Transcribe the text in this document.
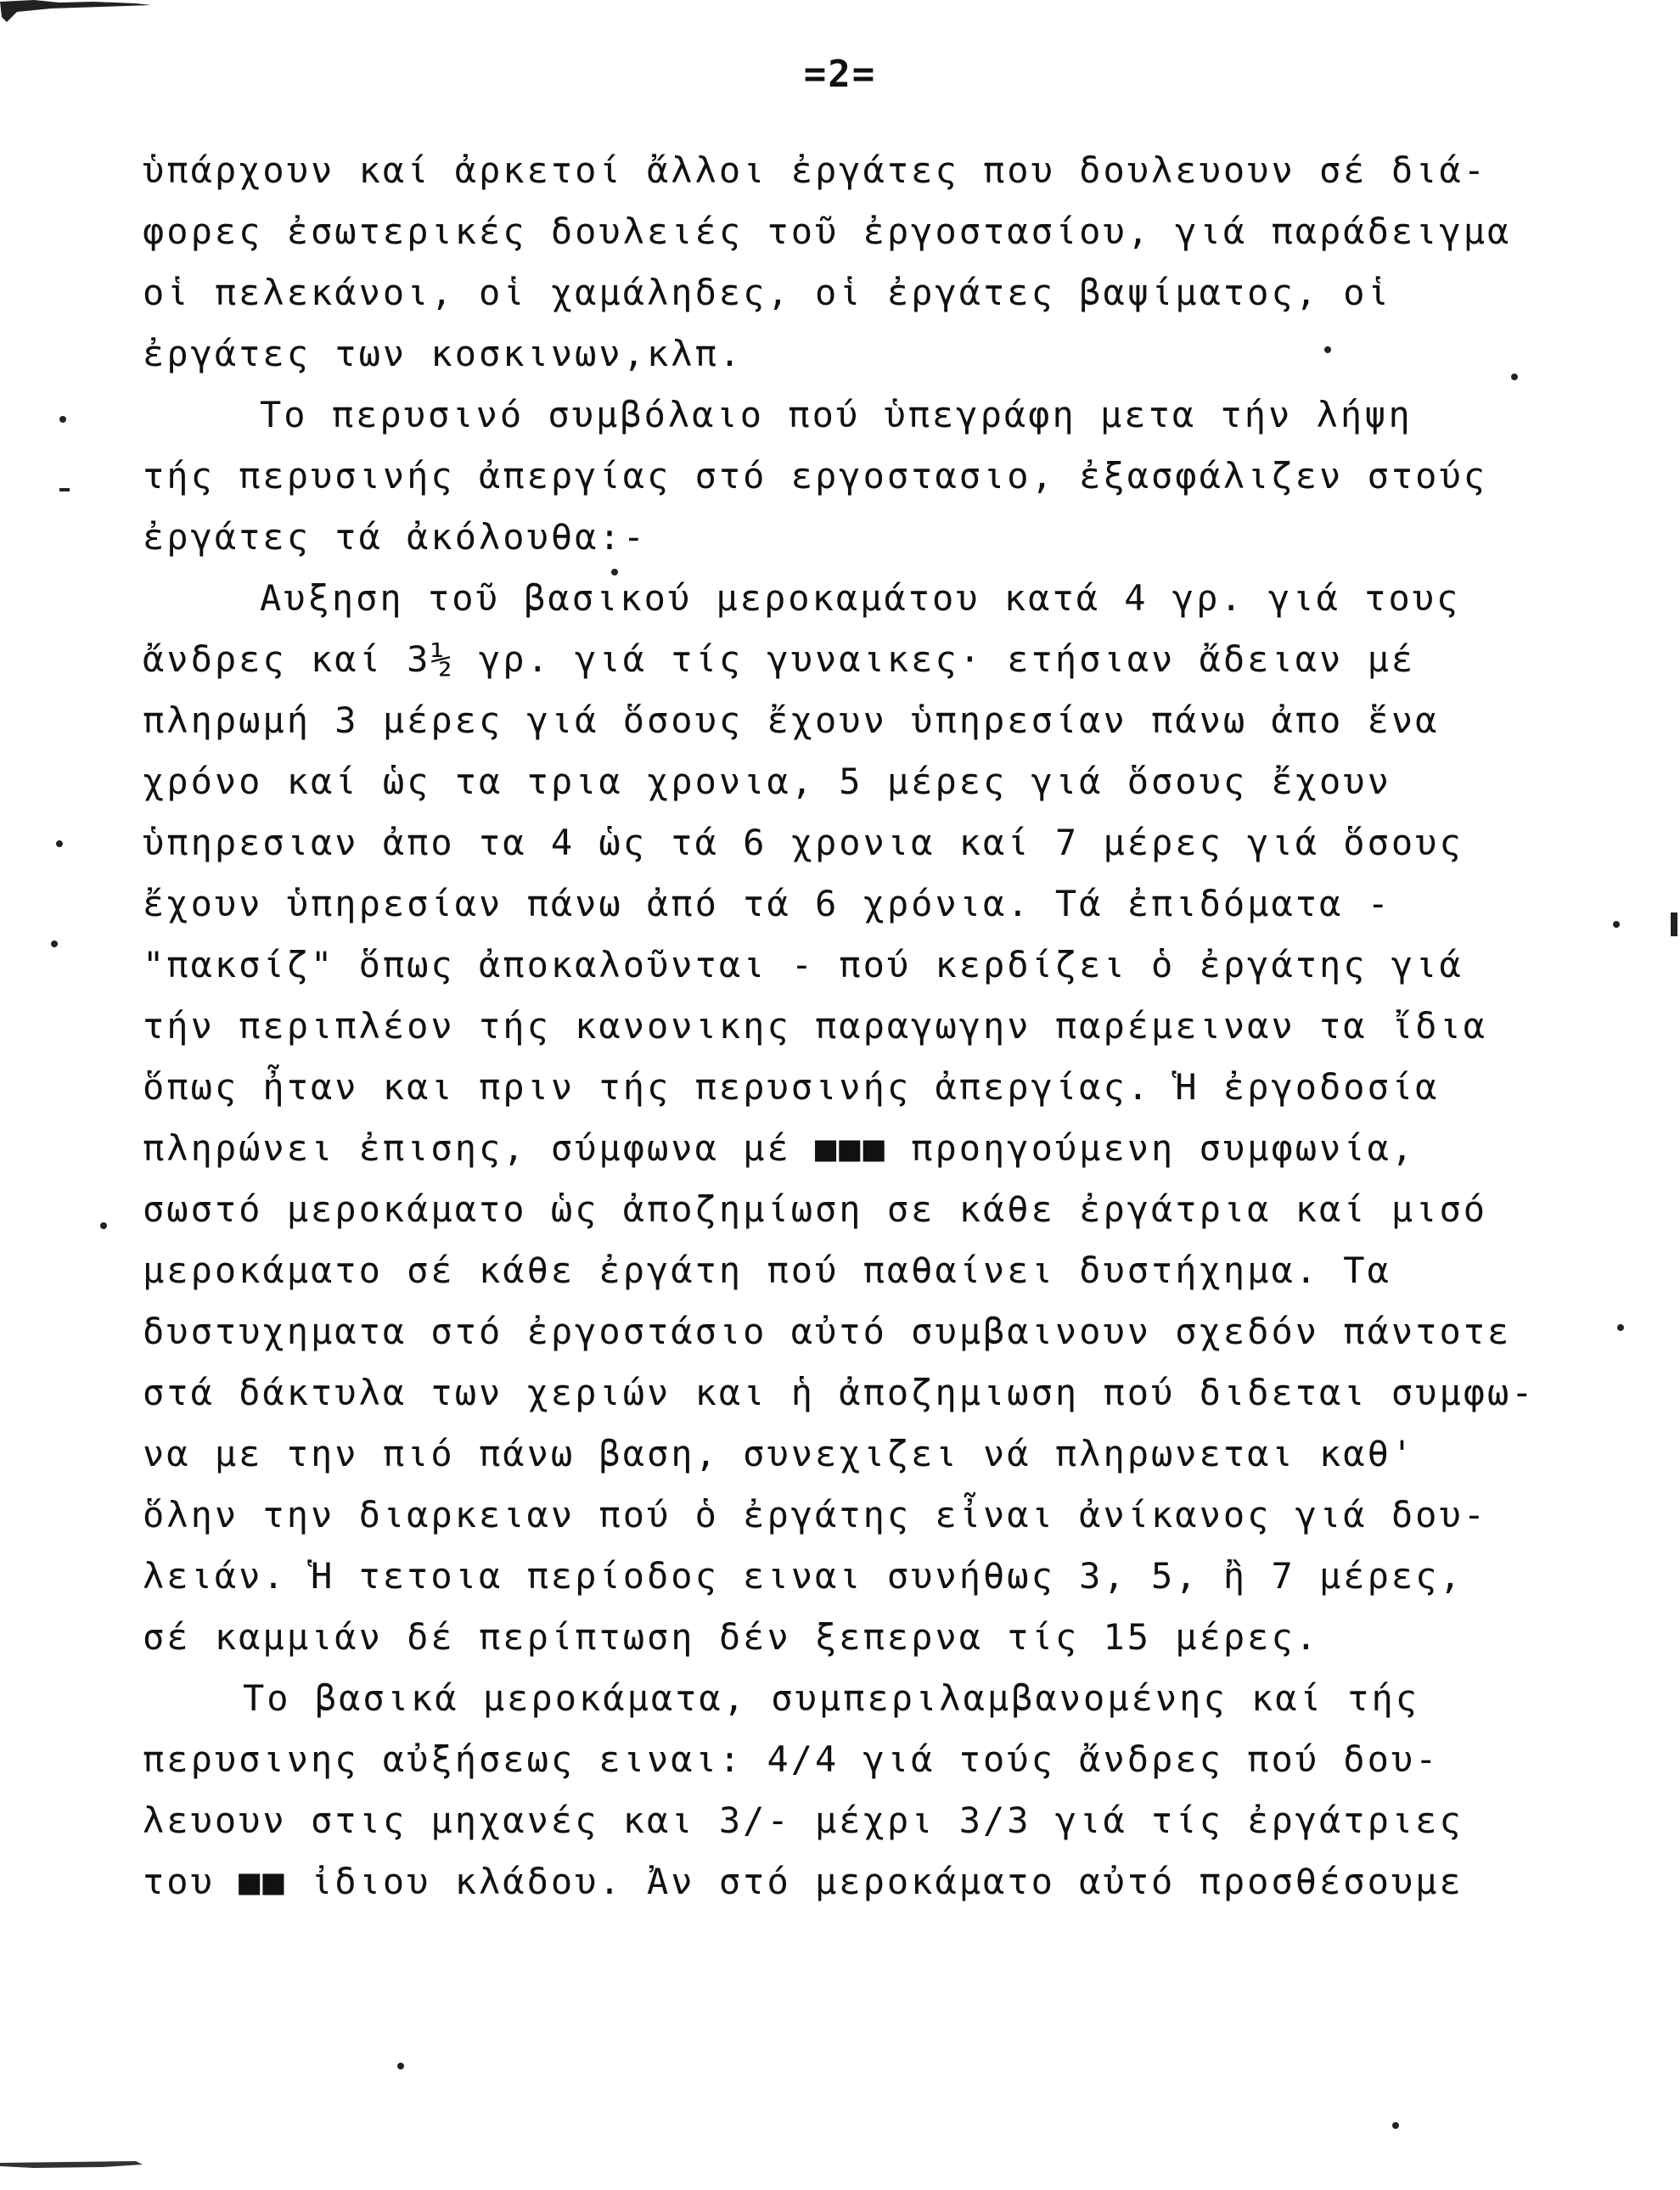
=2=
ὑπάρχουν καί ἀρκετοί ἄλλοι ἐργάτες που δουλευουν σέ διά-
φορες ἐσωτερικές δουλειές τοῦ ἐργοστασίου, γιά παράδειγμα
οἱ πελεκάνοι, οἱ χαμάληδες, οἱ ἐργάτες βαψίματος, οἱ
ἐργάτες των κοσκινων,κλπ.
Το περυσινό συμβόλαιο πού ὑπεγράφη μετα τήν λήψη
τής περυσινής ἀπεργίας στό εργοστασιο, ἐξασφάλιζεν στούς
ἐργάτες τά ἀκόλουθα:-
Αυξηση τοῦ βασικού μεροκαμάτου κατά 4 γρ. γιά τους
ἄνδρες καί 3½ γρ. γιά τίς γυναικες· ετήσιαν ἄδειαν μέ
πληρωμή 3 μέρες γιά ὅσους ἔχουν ὑπηρεσίαν πάνω ἀπο ἕνα
χρόνο καί ὡς τα τρια χρονια, 5 μέρες γιά ὅσους ἔχουν
ὑπηρεσιαν ἀπο τα 4 ὡς τά 6 χρονια καί 7 μέρες γιά ὅσους
ἔχουν ὑπηρεσίαν πάνω ἀπό τά 6 χρόνια. Τά ἐπιδόματα -
"πακσίζ" ὅπως ἀποκαλοῦνται - πού κερδίζει ὁ ἐργάτης γιά
τήν περιπλέον τής κανονικης παραγωγην παρέμειναν τα ἴδια
ὅπως ἦταν και πριν τής περυσινής ἀπεργίας. Ἡ ἐργοδοσία
πληρώνει ἐπισης, σύμφωνα μέ ■■■ προηγούμενη συμφωνία,
σωστό μεροκάματο ὡς ἀποζημίωση σε κάθε ἐργάτρια καί μισό
μεροκάματο σέ κάθε ἐργάτη πού παθαίνει δυστήχημα. Τα
δυστυχηματα στό ἐργοστάσιο αὐτό συμβαινουν σχεδόν πάντοτε
στά δάκτυλα των χεριών και ἡ ἀποζημιωση πού διδεται συμφω-
να με την πιό πάνω βαση, συνεχιζει νά πληρωνεται καθ'
ὅλην την διαρκειαν πού ὁ ἐργάτης εἶναι ἀνίκανος γιά δου-
λειάν. Ἡ τετοια περίοδος ειναι συνήθως 3, 5, ἢ 7 μέρες,
σέ καμμιάν δέ περίπτωση δέν ξεπερνα τίς 15 μέρες.
Το βασικά μεροκάματα, συμπεριλαμβανομένης καί τής
περυσινης αὐξήσεως ειναι: 4/4 γιά τούς ἄνδρες πού δου-
λευουν στις μηχανές και 3/- μέχρι 3/3 γιά τίς ἐργάτριες
του ■■ ἰδιου κλάδου. Ἀν στό μεροκάματο αὐτό προσθέσουμε
